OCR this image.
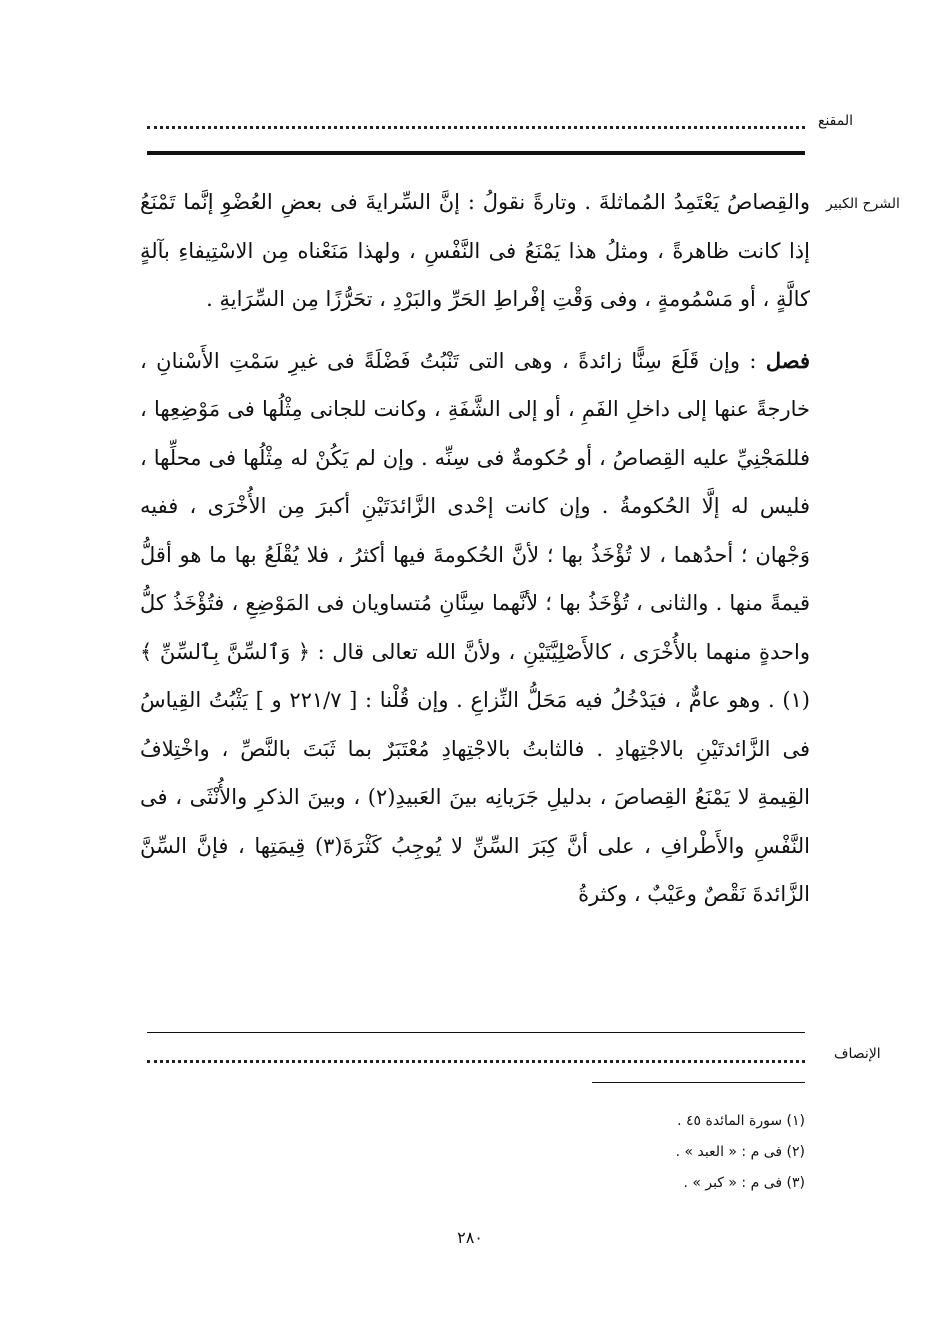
المقنع
الشرح الكبير

والقِصاصُ يَعْتَمِدُ المُماثلةَ . وتارةً نقولُ : إنَّ السِّرايةَ فى بعضِ العُضْوِ إنَّما تَمْنَعُ إذا كانت ظاهرةً ، ومثلُ هذا يَمْنَعُ فى النَّفْسِ ، ولهذا مَنَعْناه مِن الاسْتِيفاءِ بآلةٍ كالَّةٍ ، أو مَسْمُومةٍ ، وفى وَقْتِ إفْراطِ الحَرِّ والبَرْدِ ، تحَرُّزًا مِن السِّرَايةِ .

فصل : وإن قَلَعَ سِنًّا زائدةً ، وهى التى تَنْبُتُ فَضْلَةً فى غيرِ سَمْتِ الأَسْنانِ ، خارجةً عنها إلى داخلِ الفَمِ ، أو إلى الشَّفَةِ ، وكانت للجانى مِثْلُها فى مَوْضِعِها ، فللمَجْنِيِّ عليه القِصاصُ ، أو حُكومةٌ فى سِنِّه . وإن لم يَكُنْ له مِثْلُها فى محلِّها ، فليس له إلَّا الحُكومةُ . وإن كانت إحْدى الزَّائدَتَيْنِ أكبرَ مِن الأُخْرَى ، ففيه وَجْهان ؛ أحدُهما ، لا تُؤْخَذُ بها ؛ لأنَّ الحُكومةَ فيها أكثرُ ، فلا يُقْلَعُ بها ما هو أقلُّ قيمةً منها . والثانى ، تُؤْخَذُ بها ؛ لأنَّهما سِنَّانِ مُتساويان فى المَوْضِعِ ، فتُؤْخَذُ كلُّ واحدةٍ منهما بالأُخْرَى ، كالأَصْلِيَّتَيْنِ ، ولأنَّ الله تعالى قال : ﴿ وَٱلسِّنَّ بِٱلسِّنِّ ﴾(١) . وهو عامٌّ ، فيَدْخُلُ فيه مَحَلُّ النِّزاعِ . وإن قُلْنا : [ ٢٢١/٧ و ] يَثْبُتُ القِياسُ فى الزَّائدتَيْنِ بالاجْتِهادِ . فالثابتُ بالاجْتِهادِ مُعْتَبَرٌ بما ثَبَتَ بالنَّصِّ ، واخْتِلافُ القِيمةِ لا يَمْنَعُ القِصاصَ ، بدليلِ جَرَيانِه بينَ العَبيدِ(٢) ، وبينَ الذكرِ والأُنْثَى ، فى النَّفْسِ والأَطْرافِ ، على أنَّ كِبَرَ السِّنِّ لا يُوجِبُ كَثْرَةَ(٣) قِيمَتِها ، فإنَّ السِّنَّ الزَّائدةَ نَقْصٌ وعَيْبٌ ، وكثرةُ

الإنصاف
(١) سورة المائدة ٤٥ .
(٢) فى م : « العبد » .
(٣) فى م : « كبر » .
٢٨٠
